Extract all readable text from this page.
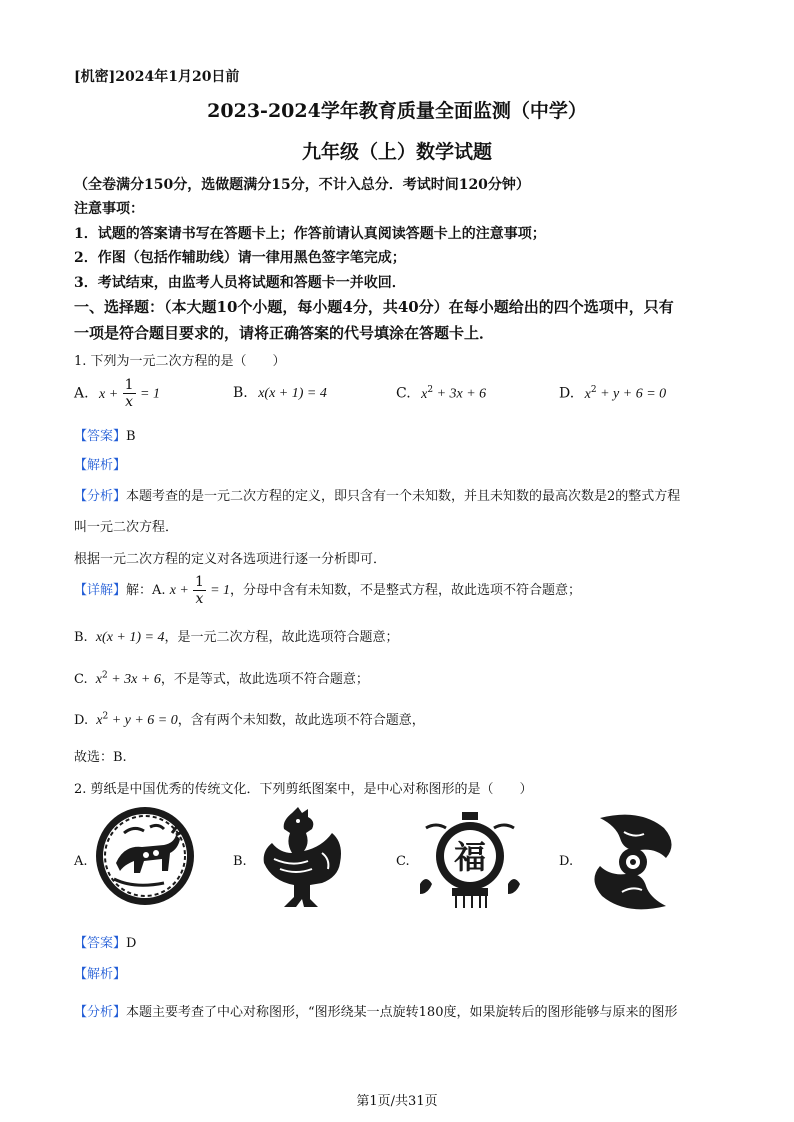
[机密]2024年1月20日前
2023-2024学年教育质量全面监测（中学）
九年级（上）数学试题
（全卷满分150分，选做题满分15分，不计入总分．考试时间120分钟）
注意事项：
1．试题的答案请书写在答题卡上；作答前请认真阅读答题卡上的注意事项；
2．作图（包括作辅助线）请一律用黑色签字笔完成；
3．考试结束，由监考人员将试题和答题卡一并收回．
一、选择题：（本大题10个小题，每小题4分，共40分）在每小题给出的四个选项中，只有
一项是符合题目要求的，请将正确答案的代号填涂在答题卡上．
1. 下列为一元二次方程的是（　　）
A. $x + \frac{1}{x} = 1$	B. x(x + 1) = 4	C. $x^2 + 3x + 6$	D. $x^2 + y + 6 = 0$
【答案】B
【解析】
【分析】本题考查的是一元二次方程的定义，即只含有一个未知数，并且未知数的最高次数是2的整式方程
叫一元二次方程．
根据一元二次方程的定义对各选项进行逐一分析即可．
【详解】解：A. $x + \frac{1}{x} = 1$，分母中含有未知数，不是整式方程，故此选项不符合题意；
B. x(x + 1) = 4，是一元二次方程，故此选项符合题意；
C. $x^2 + 3x + 6$，不是等式，故此选项不符合题意；
D. $x^2 + y + 6 = 0$，含有两个未知数，故此选项不符合题意，
故选：B.
2. 剪纸是中国优秀的传统文化．下列剪纸图案中，是中心对称图形的是（　　）
A.	B.	C. 福	D.
【答案】D
【解析】
【分析】本题主要考查了中心对称图形，“图形绕某一点旋转180度，如果旋转后的图形能够与原来的图形
第1页/共31页
